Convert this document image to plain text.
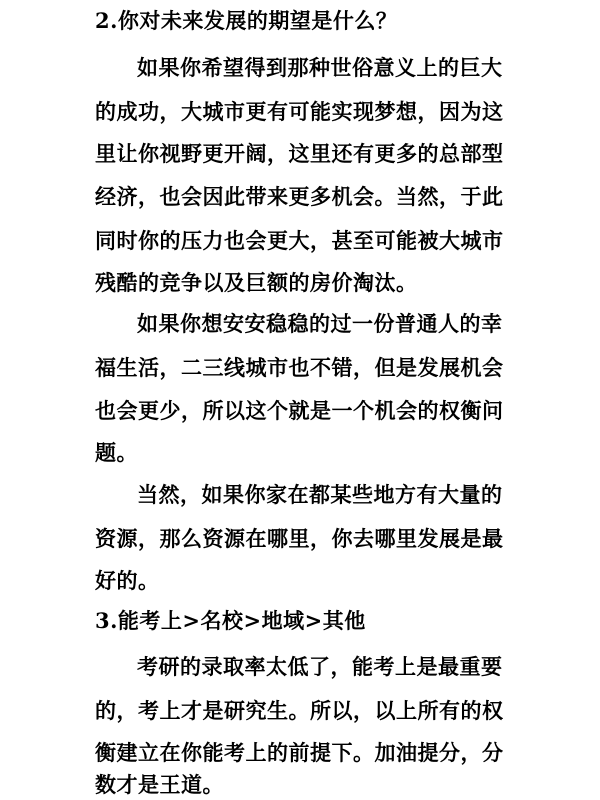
2.你对未来发展的期望是什么？
如果你希望得到那种世俗意义上的巨大
的成功，大城市更有可能实现梦想，因为这
里让你视野更开阔，这里还有更多的总部型
经济，也会因此带来更多机会。当然，于此
同时你的压力也会更大，甚至可能被大城市
残酷的竞争以及巨额的房价淘汰。
如果你想安安稳稳的过一份普通人的幸
福生活，二三线城市也不错，但是发展机会
也会更少，所以这个就是一个机会的权衡问
题。
当然，如果你家在都某些地方有大量的
资源，那么资源在哪里，你去哪里发展是最
好的。
3.能考上>名校>地域>其他
考研的录取率太低了，能考上是最重要
的，考上才是研究生。所以，以上所有的权
衡建立在你能考上的前提下。加油提分，分
数才是王道。
